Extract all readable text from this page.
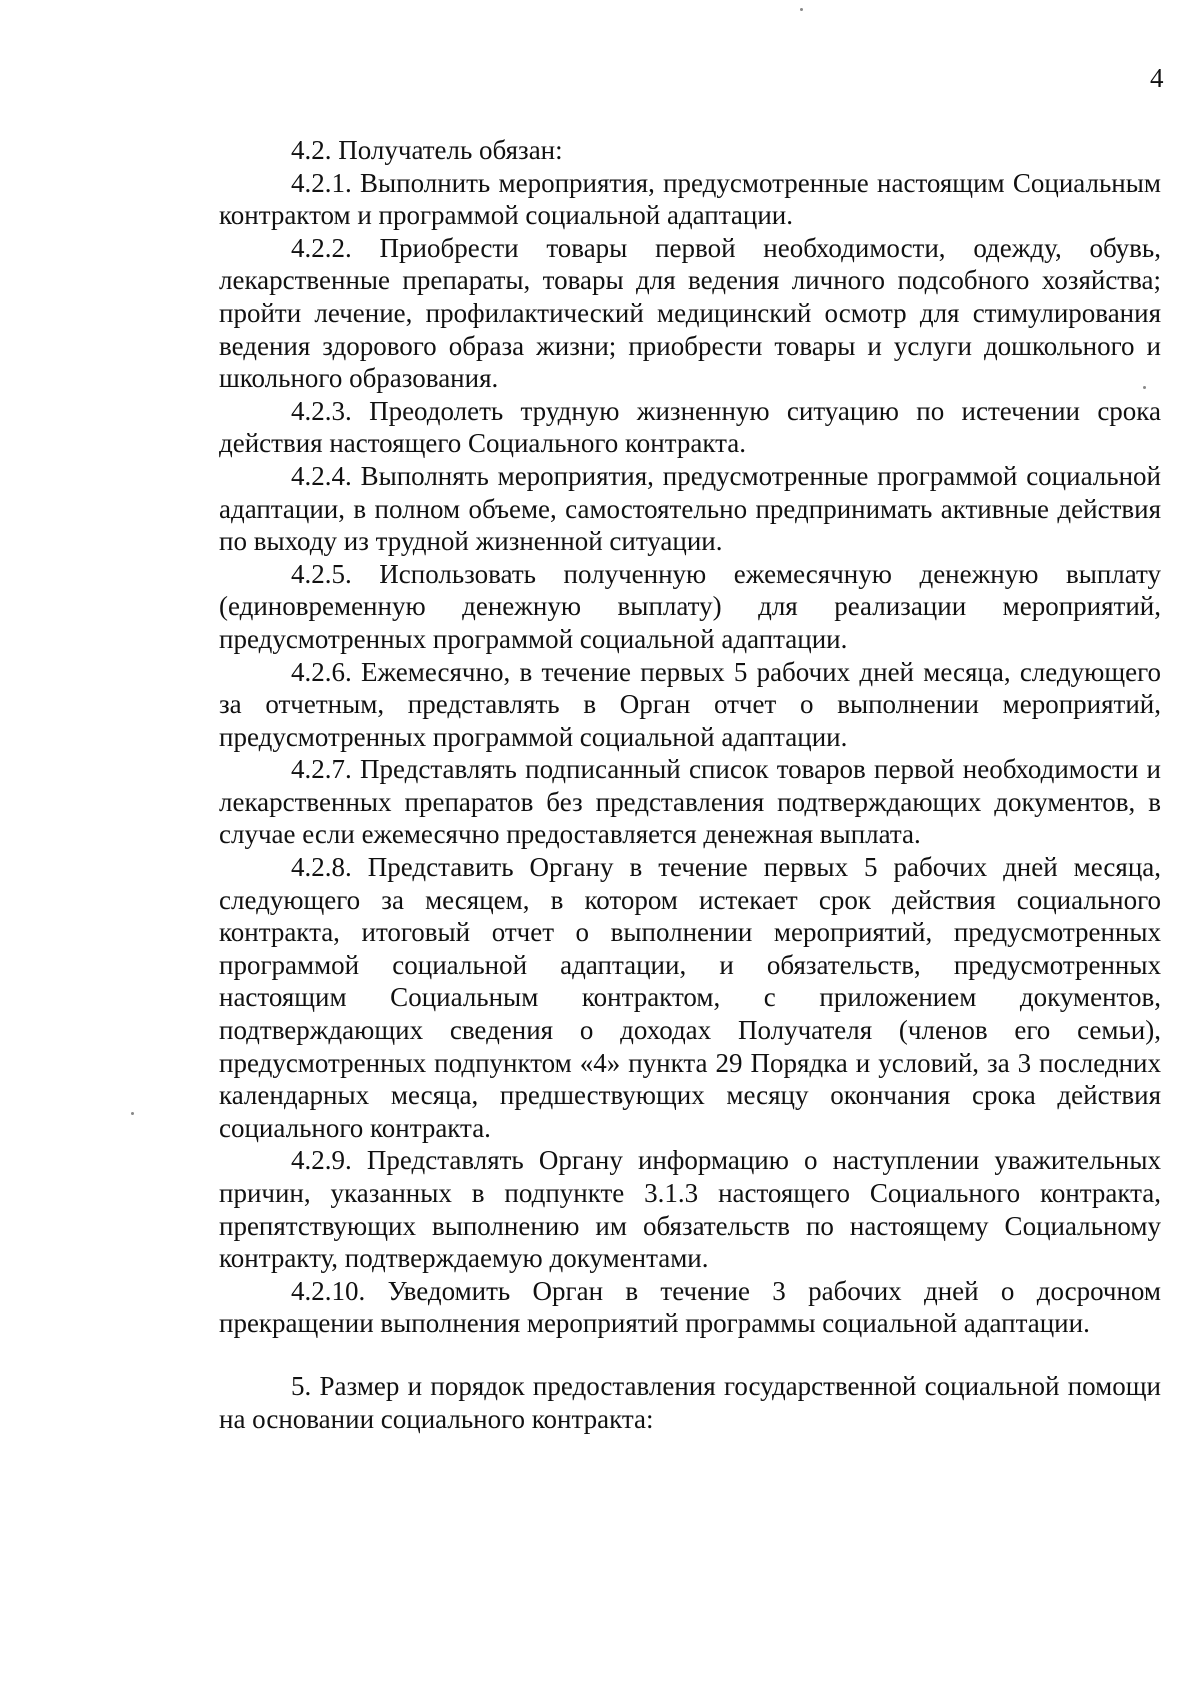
4

4.2. Получатель обязан:

4.2.1. Выполнить мероприятия, предусмотренные настоящим Социальным контрактом и программой социальной адаптации.

4.2.2. Приобрести товары первой необходимости, одежду, обувь, лекарственные препараты, товары для ведения личного подсобного хозяйства; пройти лечение, профилактический медицинский осмотр для стимулирования ведения здорового образа жизни; приобрести товары и услуги дошкольного и школьного образования.

4.2.3. Преодолеть трудную жизненную ситуацию по истечении срока действия настоящего Социального контракта.

4.2.4. Выполнять мероприятия, предусмотренные программой социальной адаптации, в полном объеме, самостоятельно предпринимать активные действия по выходу из трудной жизненной ситуации.

4.2.5. Использовать полученную ежемесячную денежную выплату (единовременную денежную выплату) для реализации мероприятий, предусмотренных программой социальной адаптации.

4.2.6. Ежемесячно, в течение первых 5 рабочих дней месяца, следующего за отчетным, представлять в Орган отчет о выполнении мероприятий, предусмотренных программой социальной адаптации.

4.2.7. Представлять подписанный список товаров первой необходимости и лекарственных препаратов без представления подтверждающих документов, в случае если ежемесячно предоставляется денежная выплата.

4.2.8. Представить Органу в течение первых 5 рабочих дней месяца, следующего за месяцем, в котором истекает срок действия социального контракта, итоговый отчет о выполнении мероприятий, предусмотренных программой социальной адаптации, и обязательств, предусмотренных настоящим Социальным контрактом, с приложением документов, подтверждающих сведения о доходах Получателя (членов его семьи), предусмотренных подпунктом «4» пункта 29 Порядка и условий, за 3 последних календарных месяца, предшествующих месяцу окончания срока действия социального контракта.

4.2.9. Представлять Органу информацию о наступлении уважительных причин, указанных в подпункте 3.1.3 настоящего Социального контракта, препятствующих выполнению им обязательств по настоящему Социальному контракту, подтверждаемую документами.

4.2.10. Уведомить Орган в течение 3 рабочих дней о досрочном прекращении выполнения мероприятий программы социальной адаптации.

5. Размер и порядок предоставления государственной социальной помощи на основании социального контракта:
